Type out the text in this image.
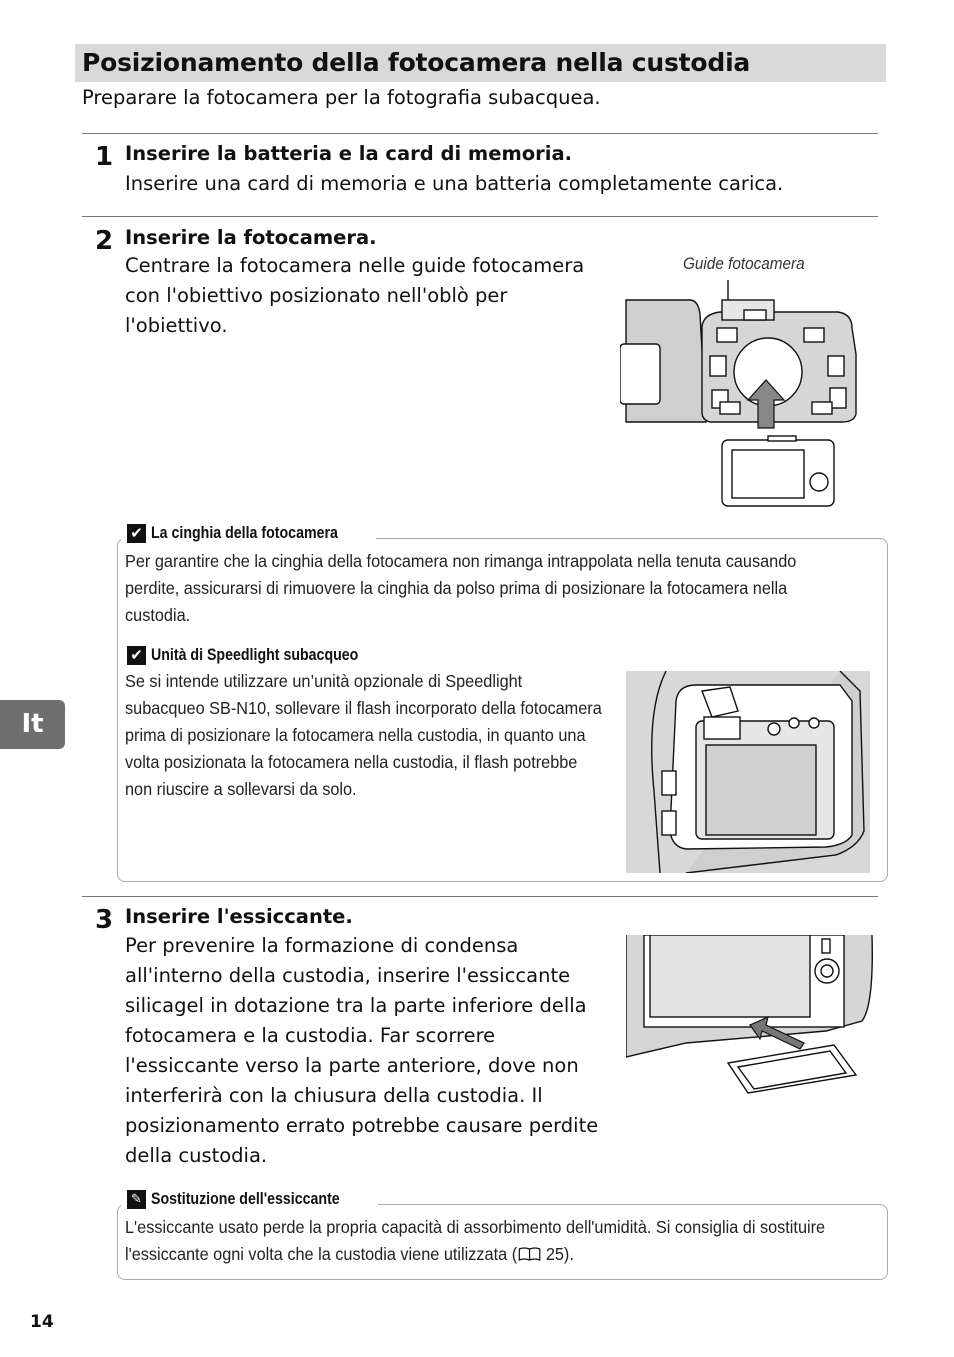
Posizionamento della fotocamera nella custodia
Preparare la fotocamera per la fotografia subacquea.
1 Inserire la batteria e la card di memoria.
Inserire una card di memoria e una batteria completamente carica.
2 Inserire la fotocamera.
Centrare la fotocamera nelle guide fotocamera con l'obiettivo posizionato nell'oblò per l'obiettivo.
Guide fotocamera
✔ La cinghia della fotocamera
Per garantire che la cinghia della fotocamera non rimanga intrappolata nella tenuta causando perdite, assicurarsi di rimuovere la cinghia da polso prima di posizionare la fotocamera nella custodia.
✔ Unità di Speedlight subacqueo
Se si intende utilizzare un’unità opzionale di Speedlight subacqueo SB-N10, sollevare il flash incorporato della fotocamera prima di posizionare la fotocamera nella custodia, in quanto una volta posizionata la fotocamera nella custodia, il flash potrebbe non riuscire a sollevarsi da solo.
3 Inserire l'essiccante.
Per prevenire la formazione di condensa all'interno della custodia, inserire l'essiccante silicagel in dotazione tra la parte inferiore della fotocamera e la custodia. Far scorrere l'essiccante verso la parte anteriore, dove non interferirà con la chiusura della custodia. Il posizionamento errato potrebbe causare perdite della custodia.
✎ Sostituzione dell'essiccante
L'essiccante usato perde la propria capacità di assorbimento dell'umidità. Si consiglia di sostituire l'essiccante ogni volta che la custodia viene utilizzata ( 25).
It
14
